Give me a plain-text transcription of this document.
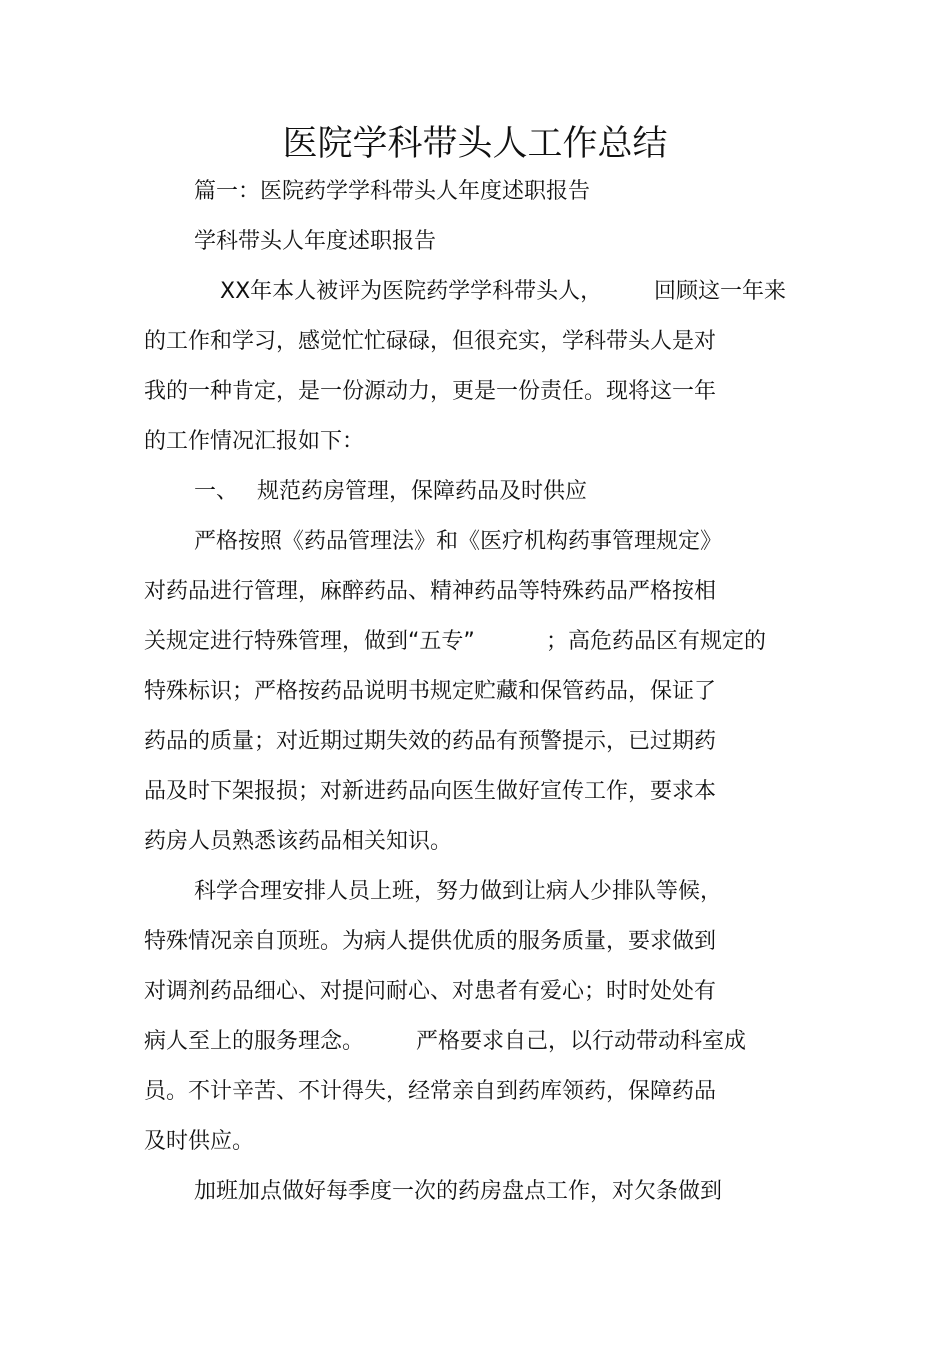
医院学科带头人工作总结

篇一：医院药学学科带头人年度述职报告

学科带头人年度述职报告

XX年本人被评为医院药学学科带头人， 回顾这一年来

的工作和学习，感觉忙忙碌碌，但很充实，学科带头人是对

我的一种肯定，是一份源动力，更是一份责任。现将这一年

的工作情况汇报如下：

一、 规范药房管理，保障药品及时供应

严格按照《药品管理法》和《医疗机构药事管理规定》

对药品进行管理，麻醉药品、精神药品等特殊药品严格按相

关规定进行特殊管理，做到“五专”	；高危药品区有规定的

特殊标识；严格按药品说明书规定贮藏和保管药品，保证了

药品的质量；对近期过期失效的药品有预警提示，已过期药

品及时下架报损；对新进药品向医生做好宣传工作，要求本

药房人员熟悉该药品相关知识。

科学合理安排人员上班，努力做到让病人少排队等候，

特殊情况亲自顶班。为病人提供优质的服务质量，要求做到

对调剂药品细心、对提问耐心、对患者有爱心；时时处处有

病人至上的服务理念。 严格要求自己，以行动带动科室成

员。不计辛苦、不计得失，经常亲自到药库领药，保障药品

及时供应。

加班加点做好每季度一次的药房盘点工作，对欠条做到
